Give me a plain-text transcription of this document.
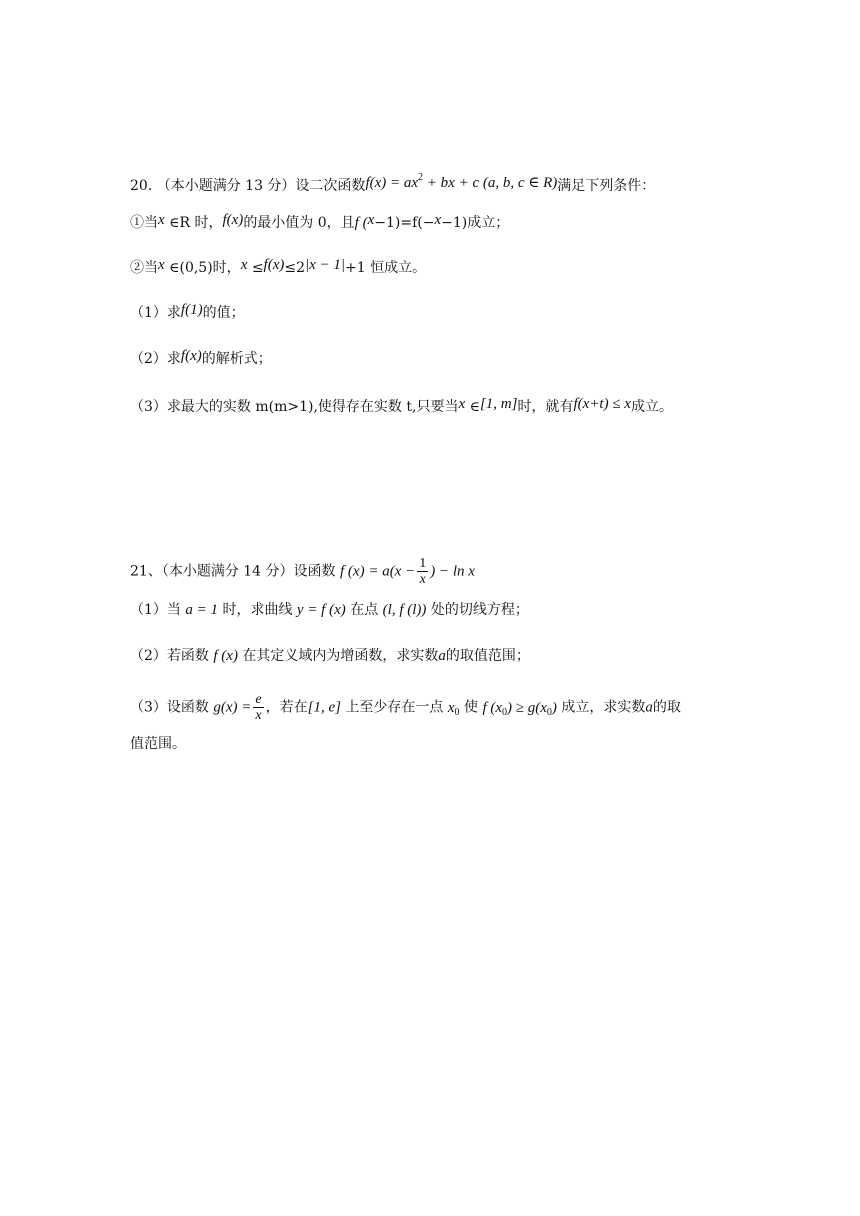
20. （本小题满分 13 分）设二次函数$f(x) = ax^2$ + bx + c (a, b, c ∈ R)满足下列条件：
①当x ∈R 时，f(x)的最小值为 0，且f (x−1)=f(−x−1)成立；
②当x ∈(0,5)时，x ≤f(x)≤2|x − 1|+1 恒成立。
（1）求f(1)的值；
（2）求f(x)的解析式；
（3）求最大的实数 m(m>1),使得存在实数 t,只要当x ∈[1, m]时，就有f(x+t) ≤ x成立。
21、（本小题满分 14 分）设函数 f $(x) = a(x - \frac{1}{x}$ ) − ln x
（1）当 a = 1 时，求曲线 y = f (x) 在点 (l, f (l)) 处的切线方程；
（2）若函数 f (x) 在其定义域内为增函数，求实数a的取值范围；
（3）设函数 $g(x) = \frac{e}{x}$ ，若在[1, e] 上至少存在一点 $x_0$ 使 f $(x_0) \ge g(x_0)$ 成立，求实数a的取
值范围。
